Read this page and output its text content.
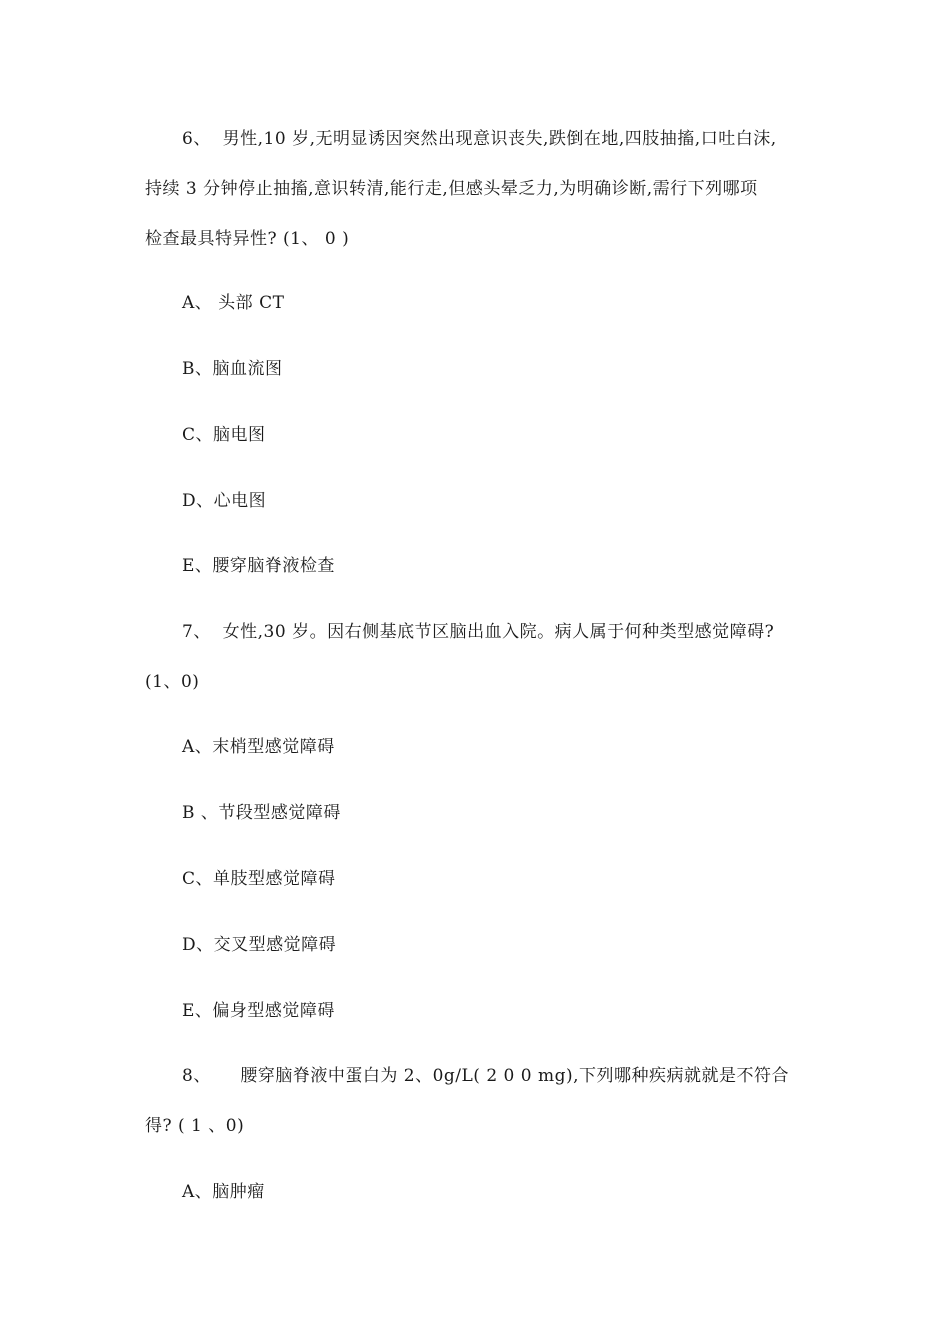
6、 男性,10 岁,无明显诱因突然出现意识丧失,跌倒在地,四肢抽搐,口吐白沫,
持续 3 分钟停止抽搐,意识转清,能行走,但感头晕乏力,为明确诊断,需行下列哪项
检查最具特异性? (1、 0 )
A、 头部 CT
B、脑血流图
C、脑电图
D、心电图
E、腰穿脑脊液检查
7、 女性,30 岁。因右侧基底节区脑出血入院。病人属于何种类型感觉障碍?
(1、0)
A、末梢型感觉障碍
B 、节段型感觉障碍
C、单肢型感觉障碍
D、交叉型感觉障碍
E、偏身型感觉障碍
8、 腰穿脑脊液中蛋白为 2、0g/L( 2 0 0 mg),下列哪种疾病就就是不符合
得? ( 1 、0)
A、脑肿瘤
